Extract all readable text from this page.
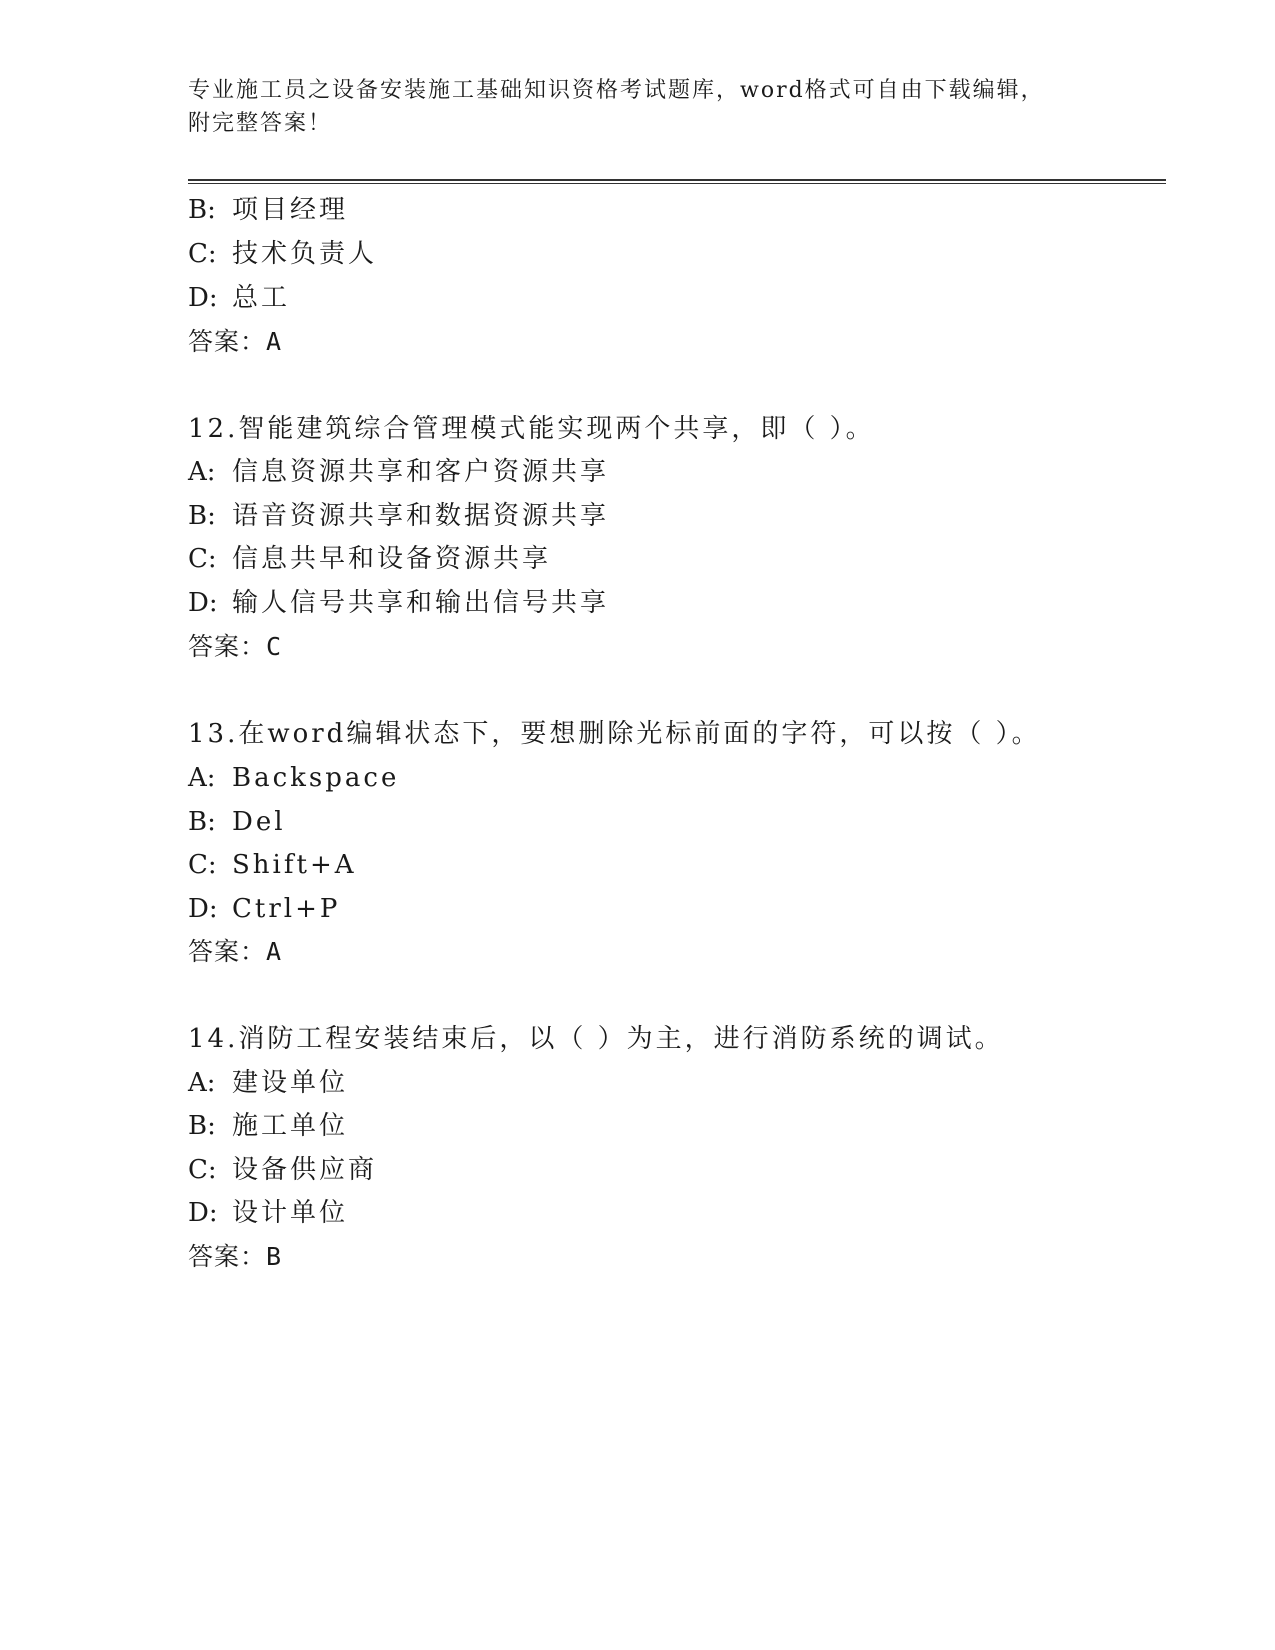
专业施工员之设备安装施工基础知识资格考试题库，word格式可自由下载编辑，
附完整答案！
B: 项目经理
C: 技术负责人
D: 总工
答案：A
12.智能建筑综合管理模式能实现两个共享，即（ ）。
A: 信息资源共享和客户资源共享
B: 语音资源共享和数据资源共享
C: 信息共早和设备资源共享
D: 输人信号共享和输出信号共享
答案：C
13.在word编辑状态下，要想删除光标前面的字符，可以按（ ）。
A: Backspace
B: Del
C: Shift+A
D: Ctrl+P
答案：A
14.消防工程安装结束后，以（ ）为主，进行消防系统的调试。
A: 建设单位
B: 施工单位
C: 设备供应商
D: 设计单位
答案：B
